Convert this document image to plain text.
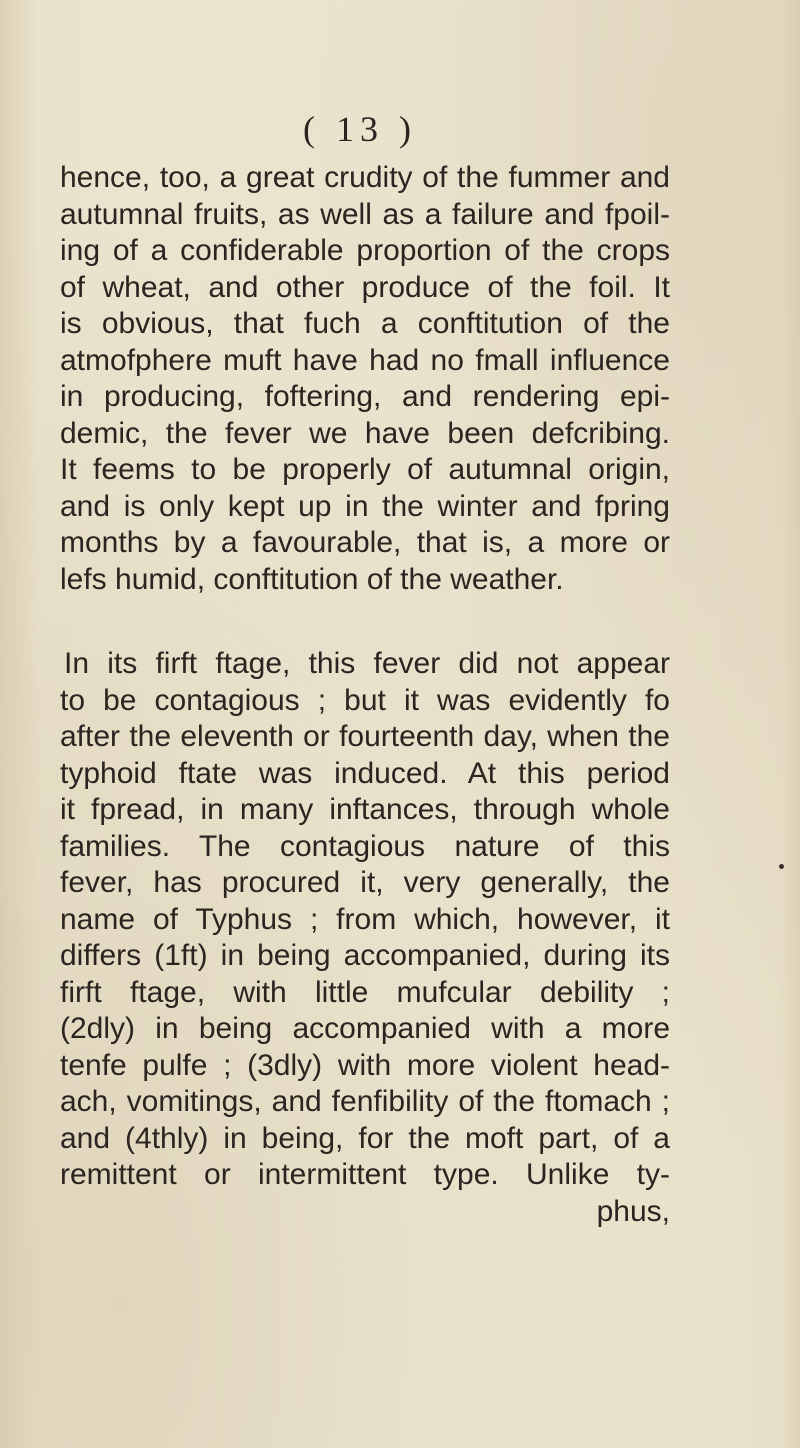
( 13 )
hence, too, a great crudity of the fummer and
autumnal fruits, as well as a failure and fpoil-
ing of a confiderable proportion of the crops
of wheat, and other produce of the foil. It
is obvious, that fuch a conftitution of the
atmofphere muft have had no fmall influence
in producing, foftering, and rendering epi-
demic, the fever we have been defcribing.
It feems to be properly of autumnal origin,
and is only kept up in the winter and fpring
months by a favourable, that is, a more or
lefs humid, conftitution of the weather.
In its firft ftage, this fever did not appear
to be contagious ; but it was evidently fo
after the eleventh or fourteenth day, when the
typhoid ftate was induced. At this period
it fpread, in many inftances, through whole
families. The contagious nature of this
fever, has procured it, very generally, the
name of Typhus ; from which, however, it
differs (1ft) in being accompanied, during its
firft ftage, with little mufcular debility ;
(2dly) in being accompanied with a more
tenfe pulfe ; (3dly) with more violent head-
ach, vomitings, and fenfibility of the ftomach ;
and (4thly) in being, for the moft part, of a
remittent or intermittent type. Unlike ty-
phus,
